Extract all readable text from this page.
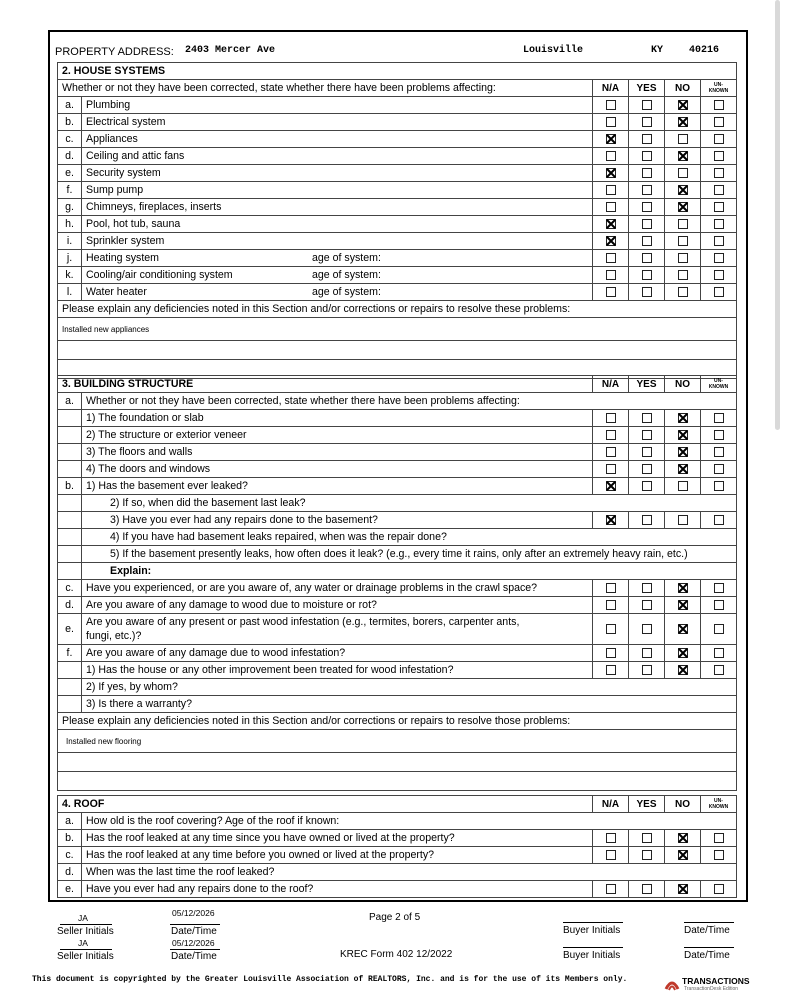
PROPERTY ADDRESS: 2403 Mercer Ave	Louisville	KY	40216
2. HOUSE SYSTEMS					
Whether or not they have been corrected, state whether there have been problems affecting:		N/A	YES	NO	UN-
KNOWN
a.	Plumbing				
b.	Electrical system				
c.	Appliances				
d.	Ceiling and attic fans				
e.	Security system				
f.	Sump pump				
g.	Chimneys, fireplaces, inserts				
h.	Pool, hot tub, sauna				
i.	Sprinkler system				
j.	Heating system age of system:				

k.	Cooling/air conditioning system age of system:				

l.	Water heater age of system:				

Please explain any deficiencies noted in this Section and/or corrections or repairs to resolve these problems:					
Installed new appliances					

3. BUILDING STRUCTURE		N/A	YES	NO	UN-
KNOWN
a.	Whether or not they have been corrected, state whether there have been problems affecting:				
	1) The foundation or slab				
	2) The structure or exterior veneer				
	3) The floors and walls				
	4) The doors and windows				
b.	1) Has the basement ever leaked?				
	2) If so, when did the basement last leak?				
	3) Have you ever had any repairs done to the basement?				
	4) If you have had basement leaks repaired, when was the repair done?				
	5) If the basement presently leaks, how often does it leak? (e.g., every time it rains, only after an extremely heavy rain, etc.)				
	Explain:				
c.	Have you experienced, or are you aware of, any water or drainage problems in the crawl space?				
d.	Are you aware of any damage to wood due to moisture or rot?				
e.	Are you aware of any present or past wood infestation (e.g., termites, borers, carpenter ants,
fungi, etc.)?				
f.	Are you aware of any damage due to wood infestation?				
	1) Has the house or any other improvement been treated for wood infestation?				
	2) If yes, by whom?				
	3) Is there a warranty?				
Please explain any deficiencies noted in this Section and/or corrections or repairs to resolve those problems:					
Installed new flooring					

4. ROOF		N/A	YES	NO	UN-
KNOWN
a.	How old is the roof covering? Age of the roof if known:				
b.	Has the roof leaked at any time since you have owned or lived at the property?				
c.	Has the roof leaked at any time before you owned or lived at the property?				
d.	When was the last time the roof leaked?				
e.	Have you ever had any repairs done to the roof?				
JA
Seller Initials
JA
Seller Initials
05/12/2026
Date/Time
05/12/2026
Date/Time
Page 2 of 5
KREC Form 402 12/2022
Buyer Initials
Buyer Initials
Date/Time
Date/Time
This document is copyrighted by the Greater Louisville Association of REALTORS, Inc. and is for the use of its Members only.	TRANSACTIONS
TransactionDesk Edition
